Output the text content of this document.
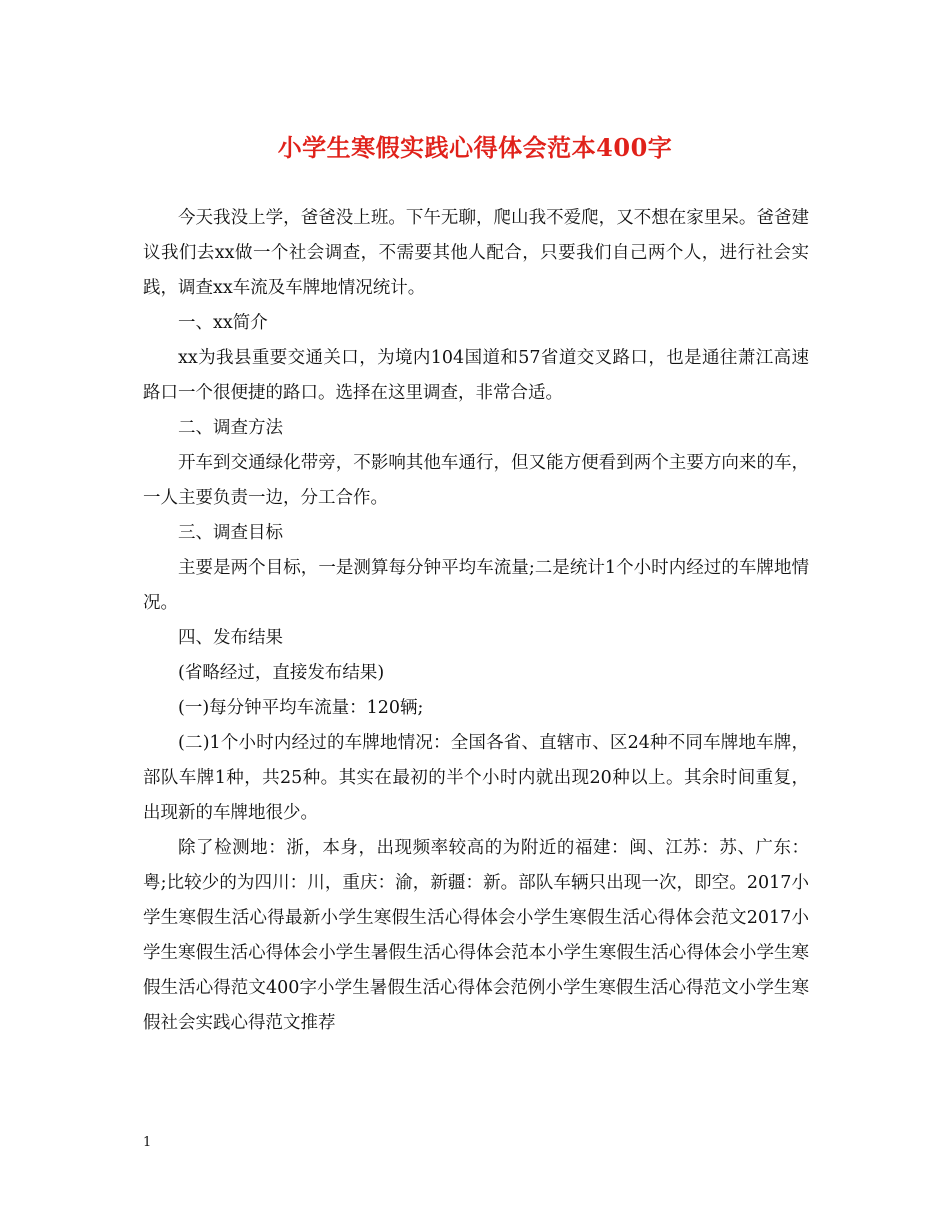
小学生寒假实践心得体会范本400字

今天我没上学，爸爸没上班。下午无聊，爬山我不爱爬，又不想在家里呆。爸爸建议我们去xx做一个社会调查，不需要其他人配合，只要我们自己两个人，进行社会实践，调查xx车流及车牌地情况统计。

一、xx简介

xx为我县重要交通关口，为境内104国道和57省道交叉路口，也是通往萧江高速路口一个很便捷的路口。选择在这里调查，非常合适。

二、调查方法

开车到交通绿化带旁，不影响其他车通行，但又能方便看到两个主要方向来的车，一人主要负责一边，分工合作。

三、调查目标

主要是两个目标，一是测算每分钟平均车流量;二是统计1个小时内经过的车牌地情况。

四、发布结果

(省略经过，直接发布结果)

(一)每分钟平均车流量：120辆;

(二)1个小时内经过的车牌地情况：全国各省、直辖市、区24种不同车牌地车牌，部队车牌1种，共25种。其实在最初的半个小时内就出现20种以上。其余时间重复，出现新的车牌地很少。

除了检测地：浙，本身，出现频率较高的为附近的福建：闽、江苏：苏、广东：粤;比较少的为四川：川，重庆：渝，新疆：新。部队车辆只出现一次，即空。2017小学生寒假生活心得最新小学生寒假生活心得体会小学生寒假生活心得体会范文2017小学生寒假生活心得体会小学生暑假生活心得体会范本小学生寒假生活心得体会小学生寒假生活心得范文400字小学生暑假生活心得体会范例小学生寒假生活心得范文小学生寒假社会实践心得范文推荐

1
